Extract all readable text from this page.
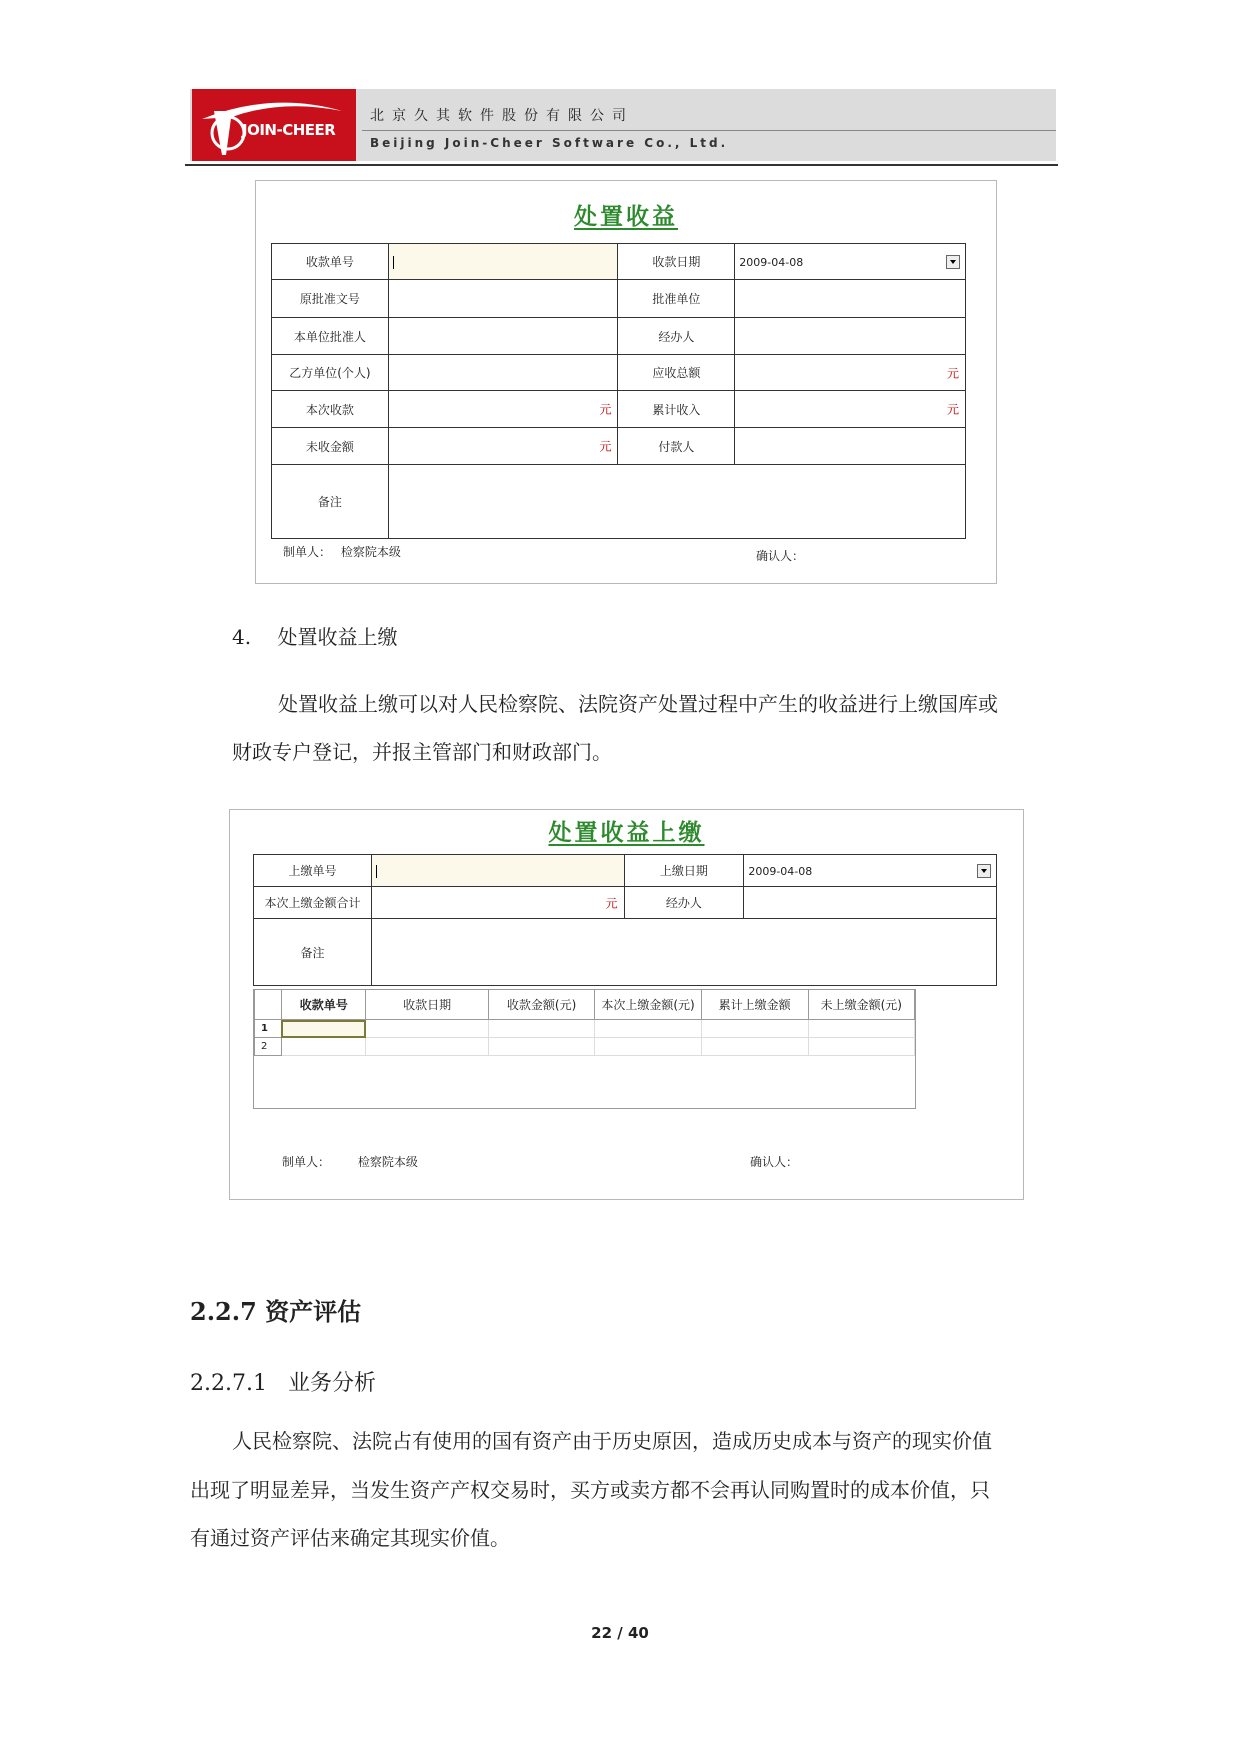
JOIN-CHEER
北京久其软件股份有限公司
Beijing Join-Cheer Software Co., Ltd.
处置收益
收款单号		收款日期	2009-04-08

原批准文号		批准单位	
本单位批准人		经办人	
乙方单位(个人)		应收总额	元

本次收款	元	累计收入	元

未收金额	元	付款人	
备注			
制单人： 检察院本级	确认人：
4. 处置收益上缴
处置收益上缴可以对人民检察院、法院资产处置过程中产生的收益进行上缴国库或
财政专户登记，并报主管部门和财政部门。
处置收益上缴
上缴单号		上缴日期	2009-04-08

本次上缴金额合计	元	经办人	
备注			
	收款单号	收款日期	收款金额(元)	本次上缴金额(元)	累计上缴金额	未上缴金额(元)
1						
2						
制单人： 检察院本级	确认人：
2.2.7 资产评估
2.2.7.1   业务分析
人民检察院、法院占有使用的国有资产由于历史原因，造成历史成本与资产的现实价值
出现了明显差异，当发生资产产权交易时，买方或卖方都不会再认同购置时的成本价值，只
有通过资产评估来确定其现实价值。
22 / 40
